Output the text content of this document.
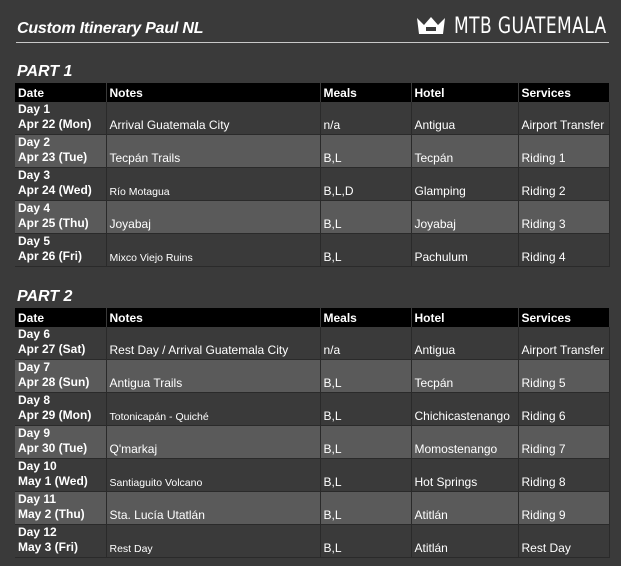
Custom Itinerary Paul NL	MTB GUATEMALA
PART 1
Date	Notes	Meals	Hotel	Services

Day 1
Apr 22 (Mon)	Arrival Guatemala City	n/a	Antigua	Airport Transfer

Day 2
Apr 23 (Tue)	Tecpán Trails	B,L	Tecpán	Riding 1

Day 3
Apr 24 (Wed)	Río Motagua	B,L,D	Glamping	Riding 2

Day 4
Apr 25 (Thu)	Joyabaj	B,L	Joyabaj	Riding 3

Day 5
Apr 26 (Fri)	Mixco Viejo Ruins	B,L	Pachulum	Riding 4
PART 2
Date	Notes	Meals	Hotel	Services

Day 6
Apr 27 (Sat)	Rest Day / Arrival Guatemala City	n/a	Antigua	Airport Transfer

Day 7
Apr 28 (Sun)	Antigua Trails	B,L	Tecpán	Riding 5

Day 8
Apr 29 (Mon)	Totonicapán - Quiché	B,L	Chichicastenango	Riding 6

Day 9
Apr 30 (Tue)	Q'markaj	B,L	Momostenango	Riding 7

Day 10
May 1 (Wed)	Santiaguito Volcano	B,L	Hot Springs	Riding 8

Day 11
May 2 (Thu)	Sta. Lucía Utatlán	B,L	Atitlán	Riding 9

Day 12
May 3 (Fri)	Rest Day	B,L	Atitlán	Rest Day
